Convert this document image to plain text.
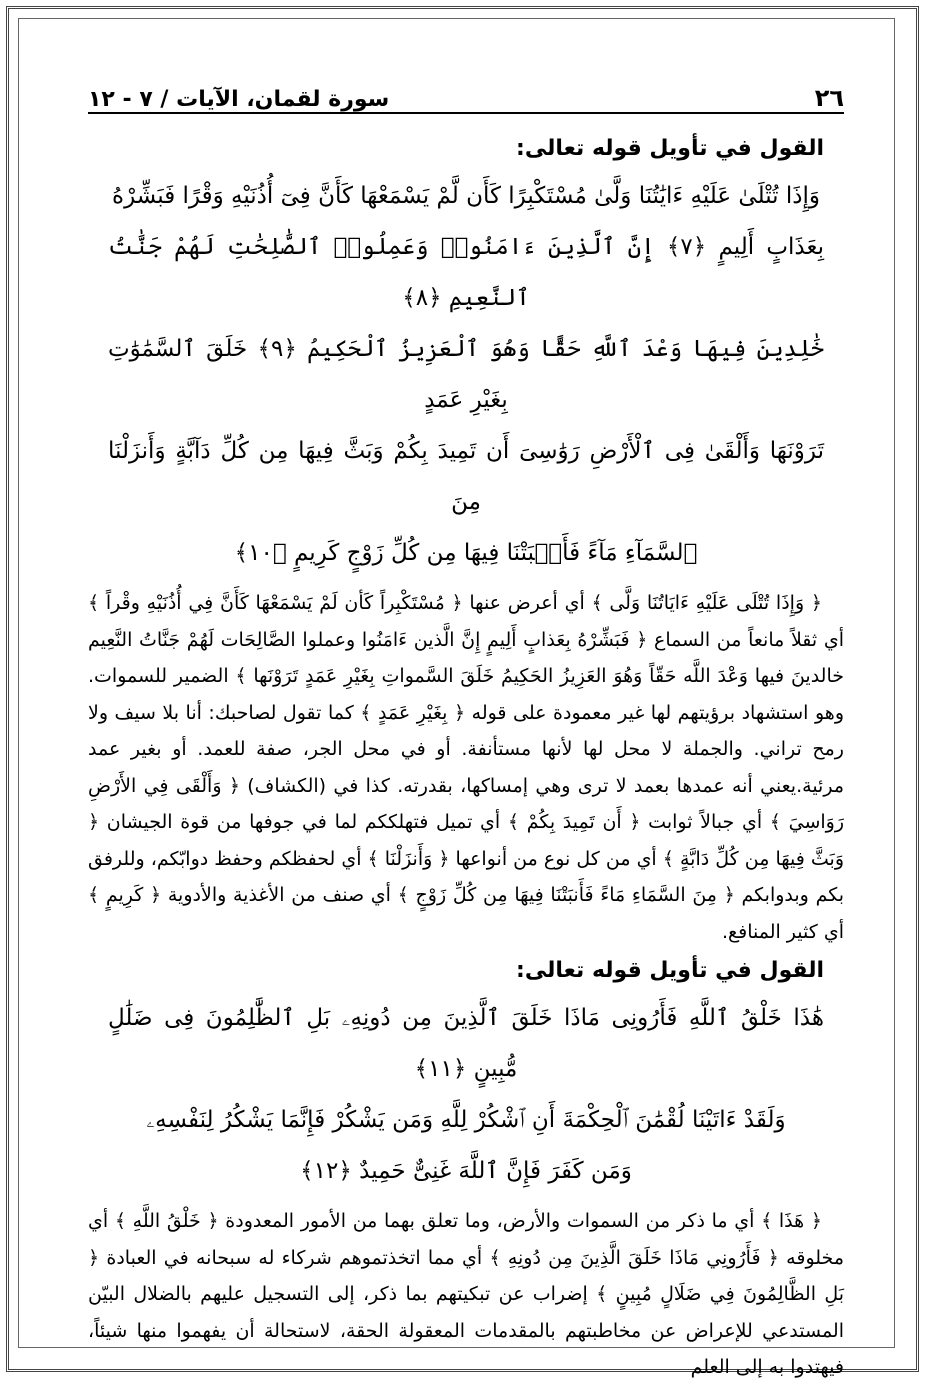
٢٦
سورة لقمان، الآيات / ٧ - ١٢
القول في تأويل قوله تعالى:

وَإِذَا تُتْلَىٰ عَلَيْهِ ءَايَٰتُنَا وَلَّىٰ مُسْتَكْبِرًا كَأَن لَّمْ يَسْمَعْهَا كَأَنَّ فِىٓ أُذُنَيْهِ وَقْرًا فَبَشِّرْهُ

بِعَذَابٍ أَلِيمٍ ﴿٧﴾ إِنَّ ٱلَّذِينَ ءَامَنُوا۟ وَعَمِلُوا۟ ٱلصَّٰلِحَٰتِ لَهُمْ جَنَّٰتُ ٱلنَّعِيمِ ﴿٨﴾

خَٰلِدِينَ فِيهَا وَعْدَ ٱللَّهِ حَقًّا وَهُوَ ٱلْعَزِيزُ ٱلْحَكِيمُ ﴿٩﴾ خَلَقَ ٱلسَّمَٰوَٰتِ بِغَيْرِ عَمَدٍ

تَرَوْنَهَا وَأَلْقَىٰ فِى ٱلْأَرْضِ رَوَٰسِىَ أَن تَمِيدَ بِكُمْ وَبَثَّ فِيهَا مِن كُلِّ دَآبَّةٍ وَأَنزَلْنَا مِنَ

ٱلسَّمَآءِ مَآءً فَأَنۢبَتْنَا فِيهَا مِن كُلِّ زَوْجٍ كَرِيمٍ ﴿١٠﴾

﴿ وَإِذَا تُتْلَى عَلَيْهِ ءَايَاتُنَا وَلَّى ﴾ أي أعرض عنها ﴿ مُسْتَكْبِراً كَأن لَمْ يَسْمَعْهَا كَأَنَّ فِي أُذُنَيْهِ وقْراً ﴾ أي ثقلاً مانعاً من السماع ﴿ فَبَشِّرْهُ بِعَذابٍ أَلِيمٍ إِنَّ الَّذين ءَامَنُوا وعملوا الصَّالِحَات لَهُمْ جَنَّاتُ النَّعِيم خالدينَ فيها وَعْدَ اللَّه حَقّاً وَهُوَ العَزِيزُ الحَكِيمُ خَلَقَ السَّمواتِ بِغَيْرِ عَمَدٍ تَرَوْنَها ﴾ الضمير للسموات. وهو استشهاد برؤيتهم لها غير معمودة على قوله ﴿ بِغَيْرِ عَمَدٍ ﴾ كما تقول لصاحبك: أنا بلا سيف ولا رمح تراني. والجملة لا محل لها لأنها مستأنفة. أو في محل الجر، صفة للعمد. أو بغير عمد مرئية.يعني أنه عمدها بعمد لا ترى وهي إمساكها، بقدرته. كذا في (الكشاف) ﴿ وَأَلْقَى فِي الأَرْضِ رَوَاسِيَ ﴾ أي جبالاً ثوابت ﴿ أَن تَمِيدَ بِكُمْ ﴾ أي تميل فتهلككم لما في جوفها من قوة الجيشان ﴿ وَبَثَّ فِيهَا مِن كُلِّ دَابَّةٍ ﴾ أي من كل نوع من أنواعها ﴿ وَأَنزَلْنَا ﴾ أي لحفظكم وحفظ دوابّكم، وللرفق بكم وبدوابكم ﴿ مِنَ السَّمَاءِ مَاءً فَأَنبَتْنَا فِيهَا مِن كُلِّ زَوْجٍ ﴾ أي صنف من الأغذية والأدوية ﴿ كَرِيمٍ ﴾ أي كثير المنافع.

القول في تأويل قوله تعالى:

هَٰذَا خَلْقُ ٱللَّهِ فَأَرُونِى مَاذَا خَلَقَ ٱلَّذِينَ مِن دُونِهِۦ بَلِ ٱلظَّٰلِمُونَ فِى ضَلَٰلٍ مُّبِينٍ ﴿١١﴾

وَلَقَدْ ءَاتَيْنَا لُقْمَٰنَ ٱلْحِكْمَةَ أَنِ ٱشْكُرْ لِلَّهِ وَمَن يَشْكُرْ فَإِنَّمَا يَشْكُرُ لِنَفْسِهِۦ

وَمَن كَفَرَ فَإِنَّ ٱللَّهَ غَنِىٌّ حَمِيدٌ ﴿١٢﴾

﴿ هَذَا ﴾ أي ما ذكر من السموات والأرض، وما تعلق بهما من الأمور المعدودة ﴿ خَلْقُ اللَّهِ ﴾ أي مخلوقه ﴿ فَأَرُونِي مَاذَا خَلَقَ الَّذِينَ مِن دُونِهِ ﴾ أي مما اتخذتموهم شركاء له سبحانه في العبادة ﴿ بَلِ الظَّالِمُونَ فِي ضَلَالٍ مُبِينٍ ﴾ إضراب عن تبكيتهم بما ذكر، إلى التسجيل عليهم بالضلال البيّن المستدعي للإعراض عن مخاطبتهم بالمقدمات المعقولة الحقة، لاستحالة أن يفهموا منها شيئاً، فيهتدوا به إلى العلم
